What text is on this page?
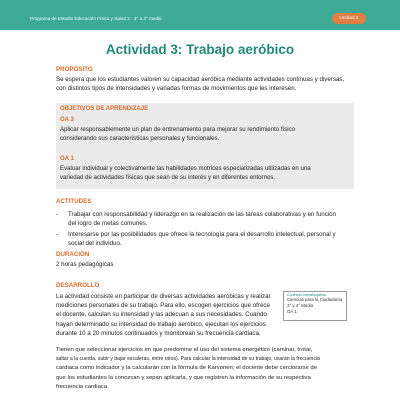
Programa de Estudio Educación Física y Salud 2 · 3° a 4° medio	Unidad 2
Actividad 3: Trabajo aeróbico
PROPÓSITO
Se espera que los estudiantes valoren su capacidad aeróbica mediante actividades continuas y diversas,
con distintos tipos de intensidades y variadas formas de movimientos que les interesen.
OBJETIVOS DE APRENDIZAJE
OA 3
Aplicar responsablemente un plan de entrenamiento para mejorar su rendimiento físico
considerando sus características personales y funcionales.
OA 1
Evaluar individual y colectivamente las habilidades motrices especializadas utilizadas en una
variedad de actividades físicas que sean de su interés y en diferentes entornos.
ACTITUDES
- Trabajar con responsabilidad y liderazgo en la realización de las tareas colaborativas y en función
del logro de metas comunes.
- Interesarse por las posibilidades que ofrece la tecnología para el desarrollo intelectual, personal y
social del individuo.
DURACIÓN
2 horas pedagógicas
DESARROLLO
La actividad consiste en participar de diversas actividades aeróbicas y realizar
mediciones personales de su trabajo. Para ello, escogen ejercicios que ofrece
el docente, calculan su intensidad y las adecuan a sus necesidades. Cuando
hayan determinado su intensidad de trabajo aeróbico, ejecutan los ejercicios
durante 10 a 20 minutos continuados y monitorean su frecuencia cardiaca.
Conexión interdisciplinar
Ciencias para la Ciudadanía
3° y 4° Medio
OA 1
Tienen que seleccionar ejercicios en que predomine el uso del sistema energético (caminar, trotar,
saltar a la cuerda, subir y bajar escaleras, entre otros). Para calcular la intensidad de su trabajo, usarán la frecuencia
cardiaca como indicador y la calcularán con la fórmula de Karvonen; el docente debe cerciorarse de
que los estudiantes la conozcan y sepan aplicarla, y que registren la información de su respectiva
frecuencia cardiaca.
